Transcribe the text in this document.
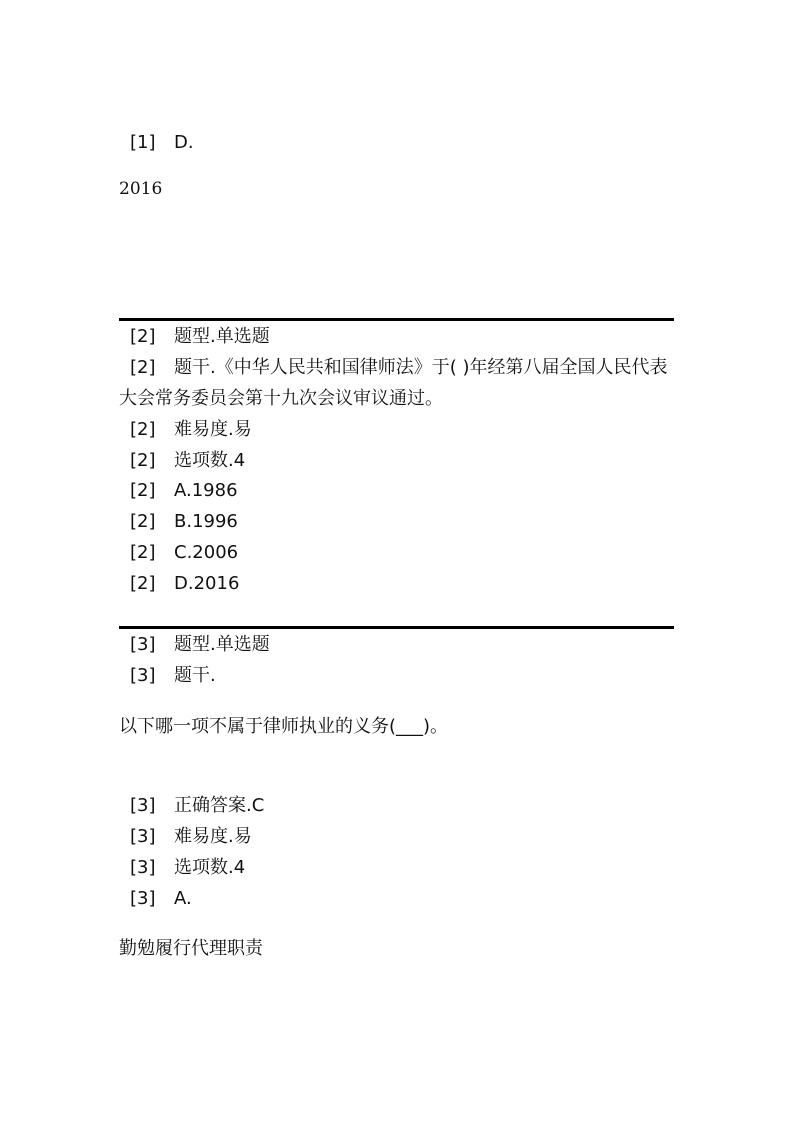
[1] D.
2016
[2] 题型.单选题
[2] 题干.《中华人民共和国律师法》于( )年经第八届全国人民代表
大会常务委员会第十九次会议审议通过。
[2] 难易度.易
[2] 选项数.4
[2] A.1986
[2] B.1996
[2] C.2006
[2] D.2016
[3] 题型.单选题
[3] 题干.
以下哪一项不属于律师执业的义务(___)。
[3] 正确答案.C
[3] 难易度.易
[3] 选项数.4
[3] A.
勤勉履行代理职责
